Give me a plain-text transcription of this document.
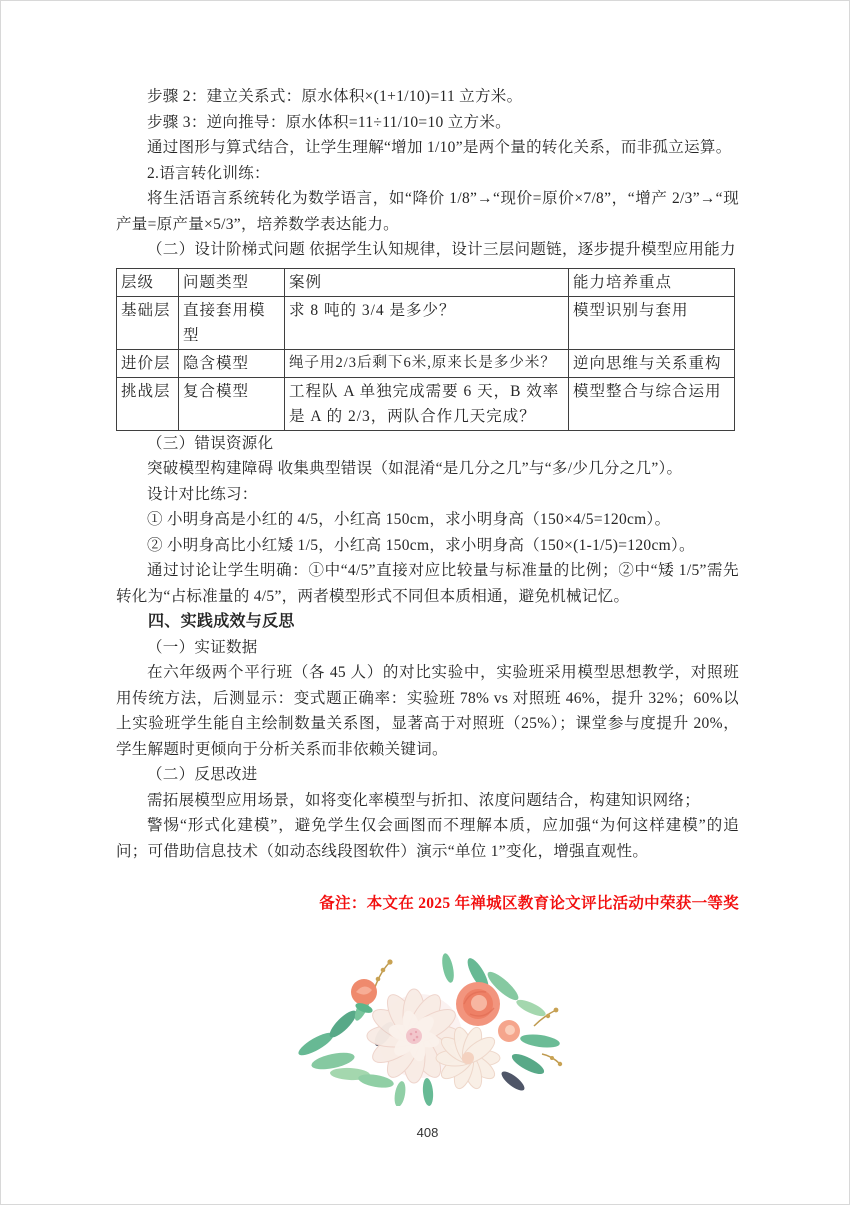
步骤 2：建立关系式：原水体积×(1+1/10)=11 立方米。

步骤 3：逆向推导：原水体积=11÷11/10=10 立方米。

通过图形与算式结合，让学生理解“增加 1/10”是两个量的转化关系，而非孤立运算。

2.语言转化训练：

将生活语言系统转化为数学语言，如“降价 1/8”→“现价=原价×7/8”，“增产 2/3”→“现产量=原产量×5/3”，培养数学表达能力。

（二）设计阶梯式问题 依据学生认知规律，设计三层问题链，逐步提升模型应用能力

层级	问题类型	案例	能力培养重点
基础层	直接套用模型	求 8 吨的 3/4 是多少？	模型识别与套用
进价层	隐含模型	绳子用2/3后剩下6米,原来长是多少米？	逆向思维与关系重构
挑战层	复合模型	工程队 A 单独完成需要 6 天，B 效率是 A 的 2/3，两队合作几天完成？	模型整合与综合运用

（三）错误资源化

突破模型构建障碍 收集典型错误（如混淆“是几分之几”与“多/少几分之几”）。

设计对比练习：

① 小明身高是小红的 4/5，小红高 150cm，求小明身高（150×4/5=120cm）。

② 小明身高比小红矮 1/5，小红高 150cm，求小明身高（150×(1-1/5)=120cm）。

通过讨论让学生明确：①中“4/5”直接对应比较量与标准量的比例；②中“矮 1/5”需先转化为“占标准量的 4/5”，两者模型形式不同但本质相通，避免机械记忆。

四、实践成效与反思

（一）实证数据

在六年级两个平行班（各 45 人）的对比实验中，实验班采用模型思想教学，对照班用传统方法，后测显示：变式题正确率：实验班 78% vs 对照班 46%，提升 32%；60%以上实验班学生能自主绘制数量关系图，显著高于对照班（25%）；课堂参与度提升 20%，学生解题时更倾向于分析关系而非依赖关键词。

（二）反思改进

需拓展模型应用场景，如将变化率模型与折扣、浓度问题结合，构建知识网络；

警惕“形式化建模”，避免学生仅会画图而不理解本质，应加强“为何这样建模”的追问；可借助信息技术（如动态线段图软件）演示“单位 1”变化，增强直观性。

备注：本文在 2025 年禅城区教育论文评比活动中荣获一等奖

408
